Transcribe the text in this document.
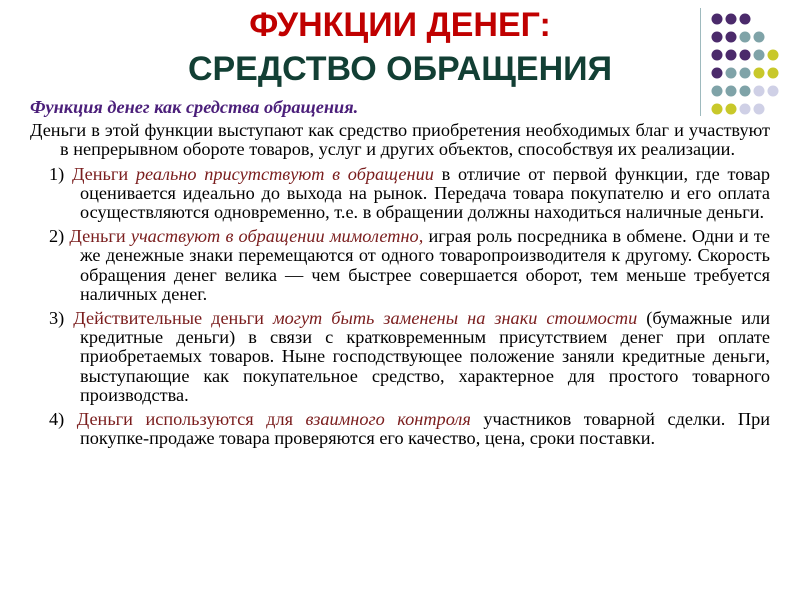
ФУНКЦИИ ДЕНЕГ:
СРЕДСТВО ОБРАЩЕНИЯ

Функция денег как средства обращения.

Деньги в этой функции выступают как средство приобретения необходимых благ и участвуют в непрерывном обороте товаров, услуг и других объектов, способствуя их реализации.

1) Деньги реально присутствуют в обращении в отличие от первой функции, где товар оценивается идеально до выхода на рынок. Передача товара покупателю и его оплата осуществляются одновременно, т.е. в обращении должны находиться наличные деньги.

2) Деньги участвуют в обращении мимолетно, играя роль посредника в обмене. Одни и те же денежные знаки перемещаются от одного товаропроизводителя к другому. Скорость обращения денег велика — чем быстрее совершается оборот, тем меньше требуется наличных денег.

3) Действительные деньги могут быть заменены на знаки стоимости (бумажные или кредитные деньги) в связи с кратковременным присутствием денег при оплате приобретаемых товаров. Ныне господствующее положение заняли кредитные деньги, выступающие как покупательное средство, характерное для простого товарного производства.

4) Деньги используются для взаимного контроля участников товарной сделки. При покупке-продаже товара проверяются его качество, цена, сроки поставки.
